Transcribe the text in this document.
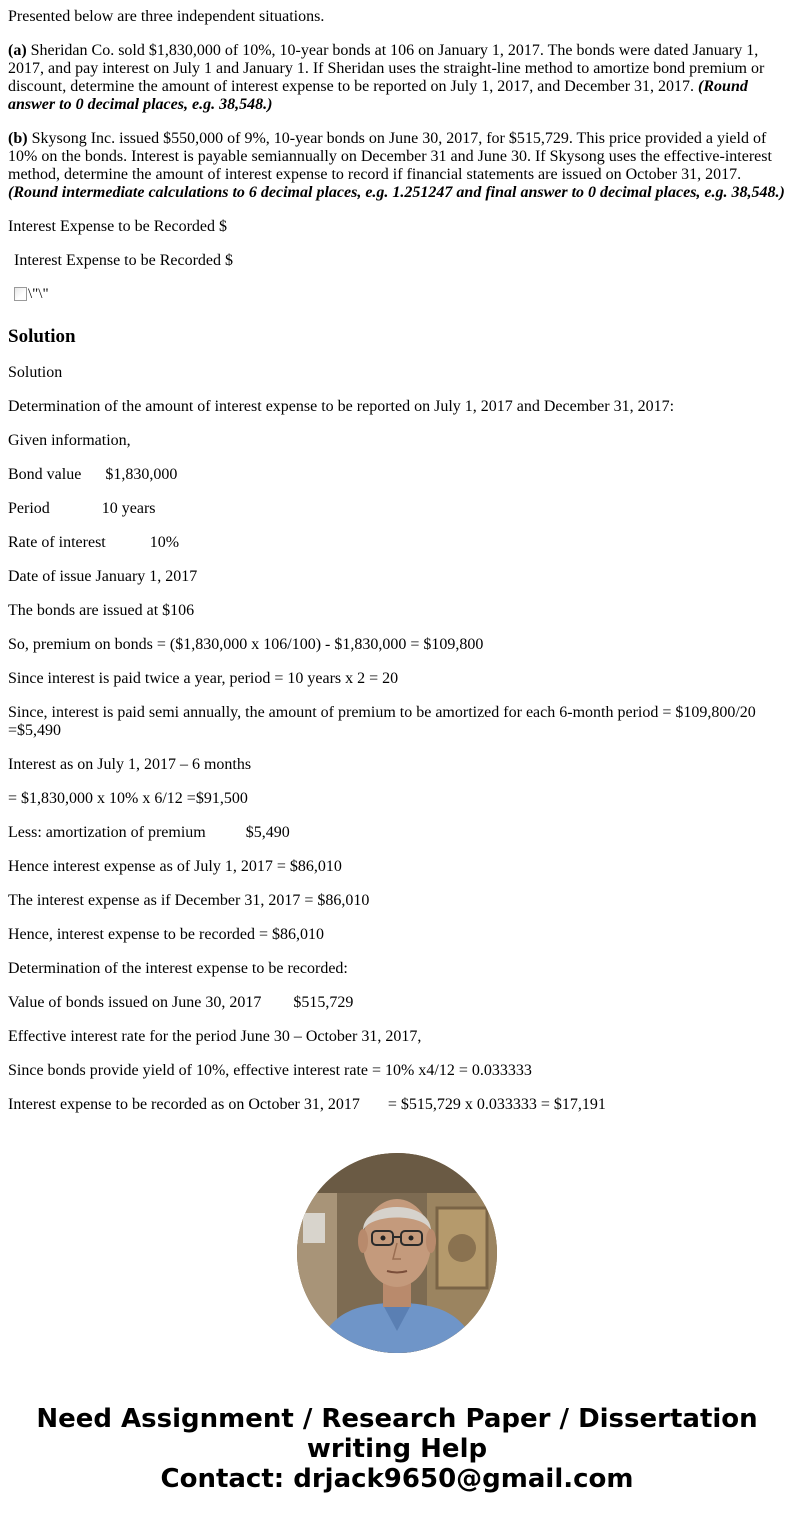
Presented below are three independent situations.

(a) Sheridan Co. sold $1,830,000 of 10%, 10-year bonds at 106 on January 1, 2017. The bonds were dated January 1, 2017, and pay interest on July 1 and January 1. If Sheridan uses the straight-line method to amortize bond premium or discount, determine the amount of interest expense to be reported on July 1, 2017, and December 31, 2017. (Round answer to 0 decimal places, e.g. 38,548.)

(b) Skysong Inc. issued $550,000 of 9%, 10-year bonds on June 30, 2017, for $515,729. This price provided a yield of 10% on the bonds. Interest is payable semiannually on December 31 and June 30. If Skysong uses the effective-interest method, determine the amount of interest expense to record if financial statements are issued on October 31, 2017. (Round intermediate calculations to 6 decimal places, e.g. 1.251247 and final answer to 0 decimal places, e.g. 38,548.)

Interest Expense to be Recorded $

Interest Expense to be Recorded $

\"\"

Solution

Solution

Determination of the amount of interest expense to be reported on July 1, 2017 and December 31, 2017:

Given information,

Bond value      $1,830,000

Period             10 years

Rate of interest           10%

Date of issue January 1, 2017

The bonds are issued at $106

So, premium on bonds = ($1,830,000 x 106/100) - $1,830,000 = $109,800

Since interest is paid twice a year, period = 10 years x 2 = 20

Since, interest is paid semi annually, the amount of premium to be amortized for each 6-month period = $109,800/20 =$5,490

Interest as on July 1, 2017 – 6 months

= $1,830,000 x 10% x 6/12 =$91,500

Less: amortization of premium          $5,490

Hence interest expense as of July 1, 2017 = $86,010

The interest expense as if December 31, 2017 = $86,010

Hence, interest expense to be recorded = $86,010

Determination of the interest expense to be recorded:

Value of bonds issued on June 30, 2017        $515,729

Effective interest rate for the period June 30 – October 31, 2017,

Since bonds provide yield of 10%, effective interest rate = 10% x4/12 = 0.033333

Interest expense to be recorded as on October 31, 2017       = $515,729 x 0.033333 = $17,191

Need Assignment / Research Paper / Dissertation
writing Help
Contact: drjack9650@gmail.com
